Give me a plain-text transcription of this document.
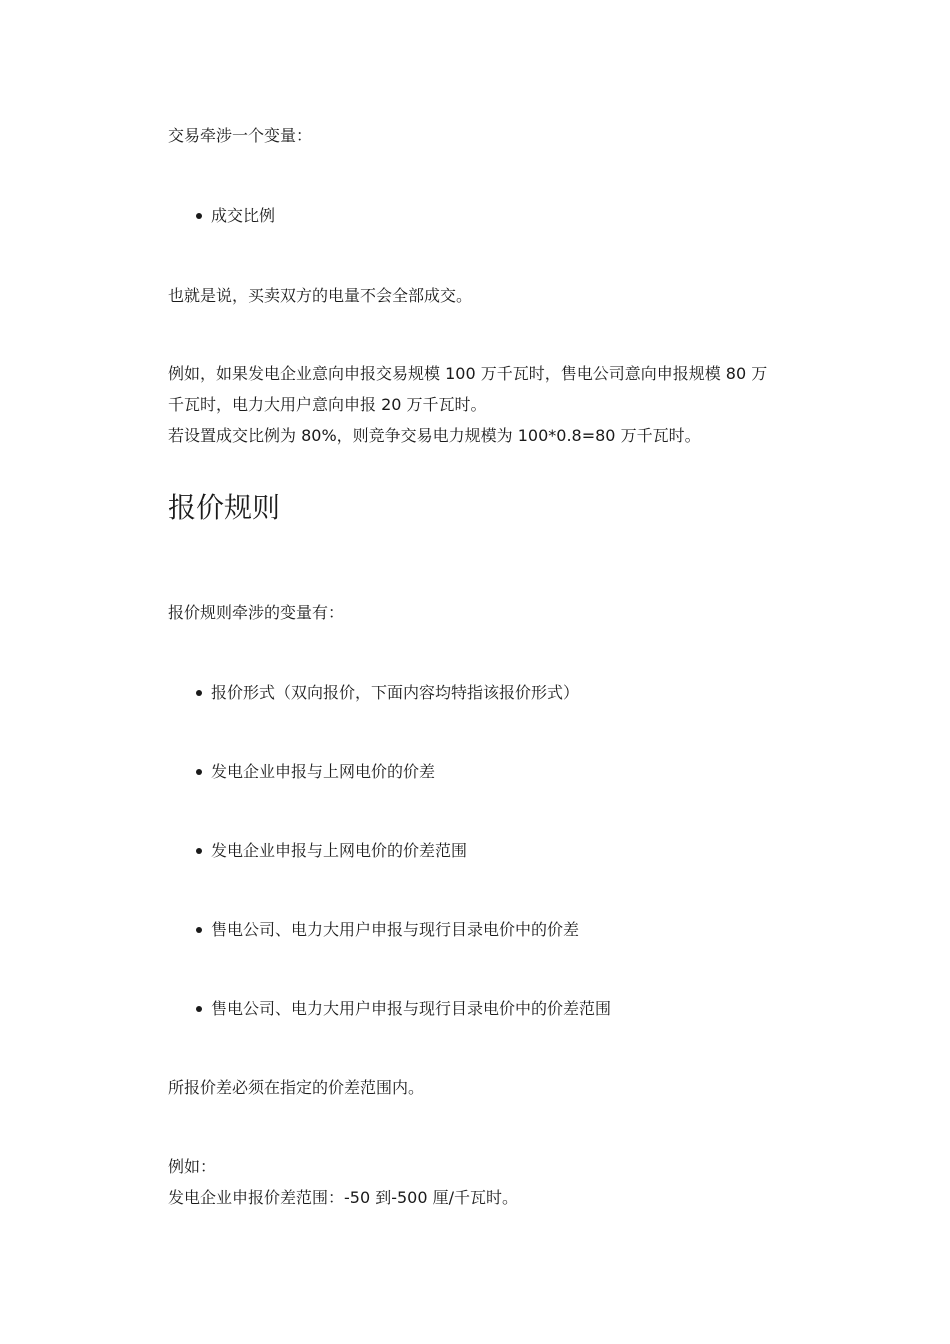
交易牵涉一个变量：
成交比例
也就是说，买卖双方的电量不会全部成交。
例如，如果发电企业意向申报交易规模 100 万千瓦时，售电公司意向申报规模 80 万
千瓦时，电力大用户意向申报 20 万千瓦时。
若设置成交比例为 80%，则竞争交易电力规模为 100*0.8=80 万千瓦时。
报价规则
报价规则牵涉的变量有：
报价形式（双向报价，下面内容均特指该报价形式）
发电企业申报与上网电价的价差
发电企业申报与上网电价的价差范围
售电公司、电力大用户申报与现行目录电价中的价差
售电公司、电力大用户申报与现行目录电价中的价差范围
所报价差必须在指定的价差范围内。
例如：
发电企业申报价差范围：-50 到-500 厘/千瓦时。
